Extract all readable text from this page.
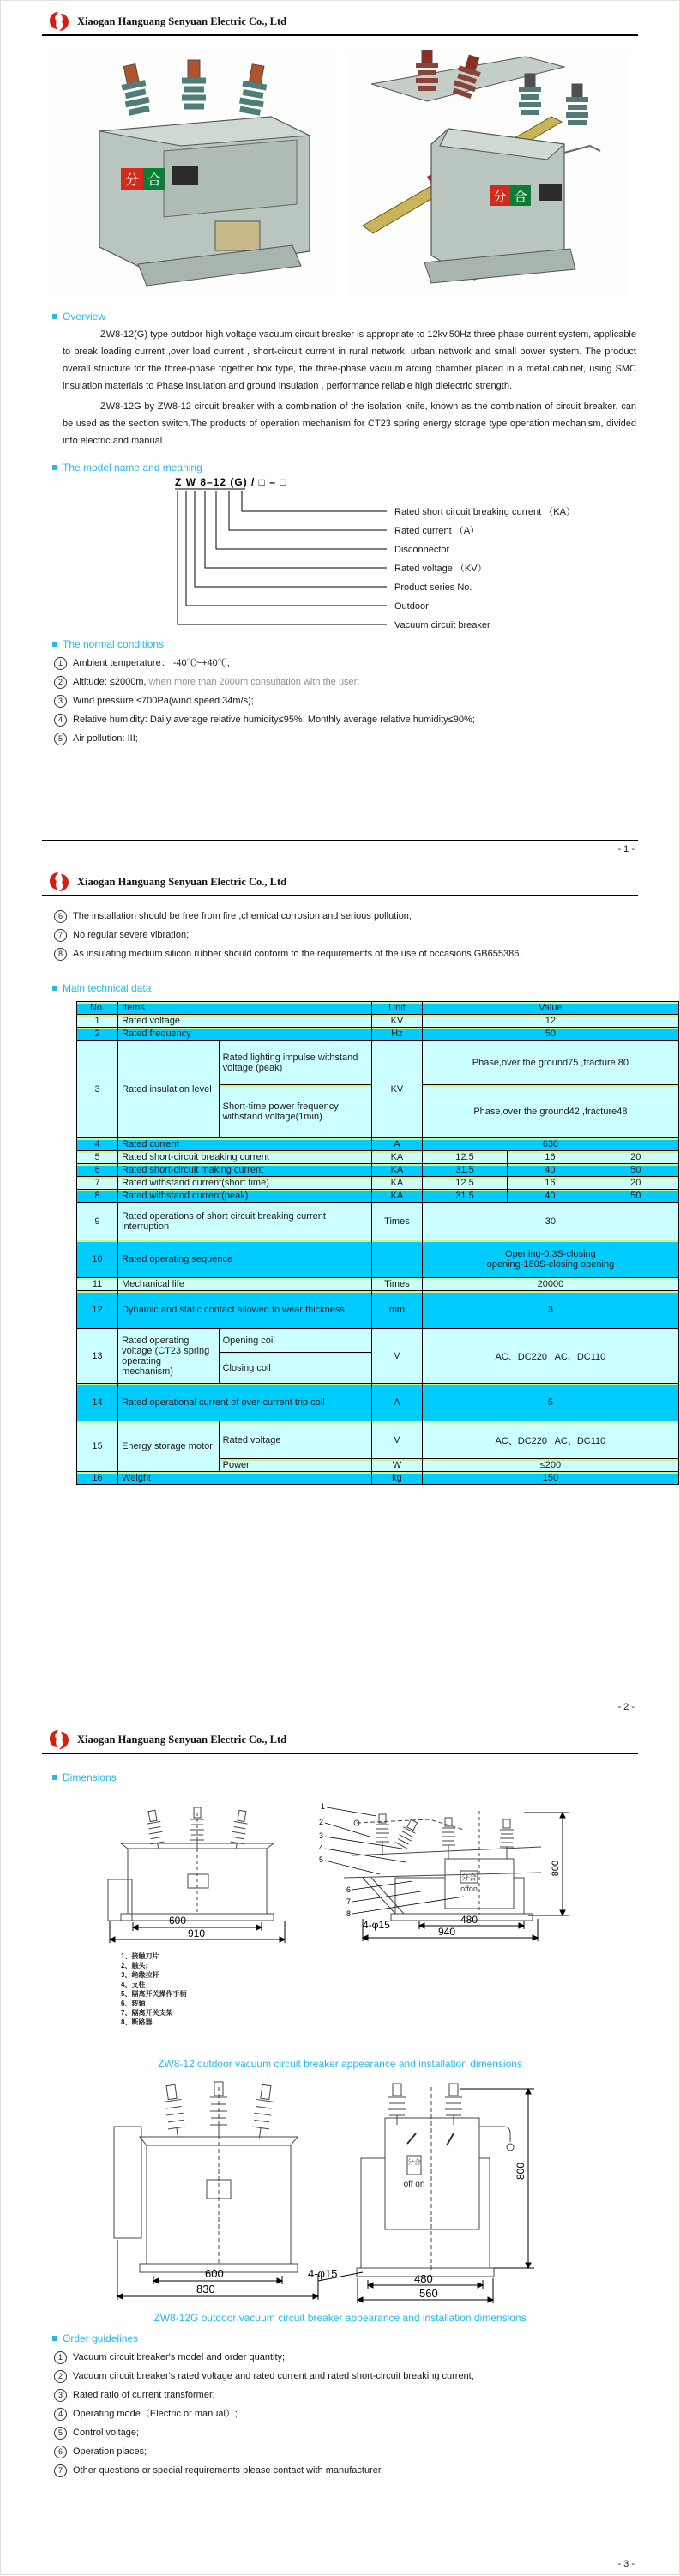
Xiaogan Hanguang Senyuan Electric Co., Ltd
分 合
分 合
Overview
ZW8-12(G) type outdoor high voltage vacuum circuit breaker is appropriate to 12kv,50Hz three phase current system, applicable to break loading current ,over load current , short-circuit current in rural network, urban network and small power system. The product overall structure for the three-phase together box type, the three-phase vacuum arcing chamber placed in a metal cabinet, using SMC insulation materials to Phase insulation and ground insulation , performance reliable high dielectric strength.
ZW8-12G by ZW8-12 circuit breaker with a combination of the isolation knife, known as the combination of circuit breaker, can be used as the section switch.The products of operation mechanism for CT23 spring energy storage type operation mechanism, divided into electric and manual.
The model name and meaning
Z W 8–12 (G) / □ – □
Rated short circuit breaking current （KA）
Rated current （A）
Disconnector
Rated voltage （KV）
Product series No.
Outdoor
Vacuum circuit breaker
The normal conditions
1	Ambient temperature： -40℃~+40℃;
2	Altitude: ≤2000m, when more than 2000m consultation with the user;
3	Wind pressure:≤700Pa(wind speed 34m/s);
4	Relative humidity: Daily average relative humidity≤95%; Monthly average relative humidity≤90%;
5	Air pollution: III;
- 1 -
Xiaogan Hanguang Senyuan Electric Co., Ltd
6	The installation should be free from fire ,chemical corrosion and serious pollution;
7	No regular severe vibration;
8	As insulating medium silicon rubber should conform to the requirements of the use of occasions GB655386.
Main technical data
No.	Items		Unit	Value		
1	Rated voltage		KV	12		
2	Rated frequency		Hz	50		
3	Rated insulation level	Rated lighting impulse withstand voltage (peak)	KV	Phase,over the ground75 ,fracture 80		
		Short-time power frequency withstand voltage(1min)		Phase,over the ground42 ,fracture48		
4	Rated current		A	630		
5	Rated short-circuit breaking current		KA	12.5	16	20
6	Rated short-circuit making current		KA	31.5	40	50
7	Rated withstand current(short time)		KA	12.5	16	20
8	Rated withstand current(peak)		KA	31.5	40	50
9	Rated operations of short circuit breaking current interruption		Times	30		
10	Rated operating sequence			Opening-0.3S-closing
opening-180S-closing opening		

11	Mechanical life		Times	20000		
12	Dynamic and static contact allowed to wear thickness		mm	3		
13	Rated operating voltage (CT23 spring operating mechanism)	Opening coil	V	AC、DC220   AC、DC110		
		Closing coil				
14	Rated operational current of over-current trip coil		A	5		
15	Energy storage motor	Rated voltage	V	AC、DC220   AC、DC110		
		Power	W	≤200		
16	Weight		kg	150		
- 2 -
Xiaogan Hanguang Senyuan Electric Co., Ltd
Dimensions
分合
offon
1
2
3
4
5
6
7
8
600
910
4-φ15	480
940
800
1、接触刀片
2、触头;
3、绝缘拉杆
4、支柱
5、隔离开关操作手柄
6、转轴
7、隔离开关支架
8、断路器
ZW8-12 outdoor vacuum circuit breaker appearance and installation dimensions
分合
off on
600
830
4-φ15	480
560
800
ZW8-12G outdoor vacuum circuit breaker appearance and installation dimensions
Order guidelines
1	Vacuum circuit breaker's model and order quantity;
2	Vacuum circuit breaker's rated voltage and rated current and rated short-circuit breaking current;
3	Rated ratio of current transformer;
4	Operating mode（Electric or manual）;
5	Control voltage;
6	Operation places;
7	Other questions or special requirements please contact with manufacturer.
- 3 -
